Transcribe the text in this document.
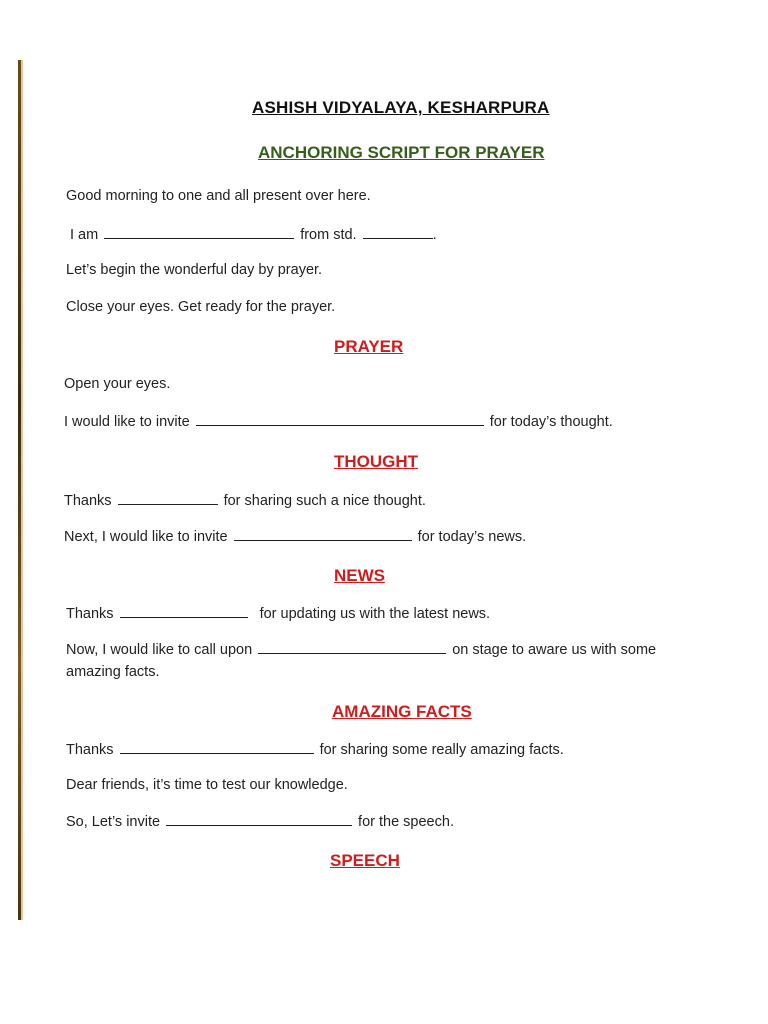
ASHISH VIDYALAYA, KESHARPURA
ANCHORING SCRIPT FOR PRAYER
Good morning to one and all present over here.
I am	from std.	.
Let’s begin the wonderful day by prayer.
Close your eyes. Get ready for the prayer.
PRAYER
Open your eyes.
I would like to invite	for today’s thought.
THOUGHT
Thanks	for sharing such a nice thought.
Next, I would like to invite	for today’s news.
NEWS
Thanks	for updating us with the latest news.
Now, I would like to call upon	on stage to aware us with some
amazing facts.
AMAZING FACTS
Thanks	for sharing some really amazing facts.
Dear friends, it’s time to test our knowledge.
So, Let’s invite	for the speech.
SPEECH
